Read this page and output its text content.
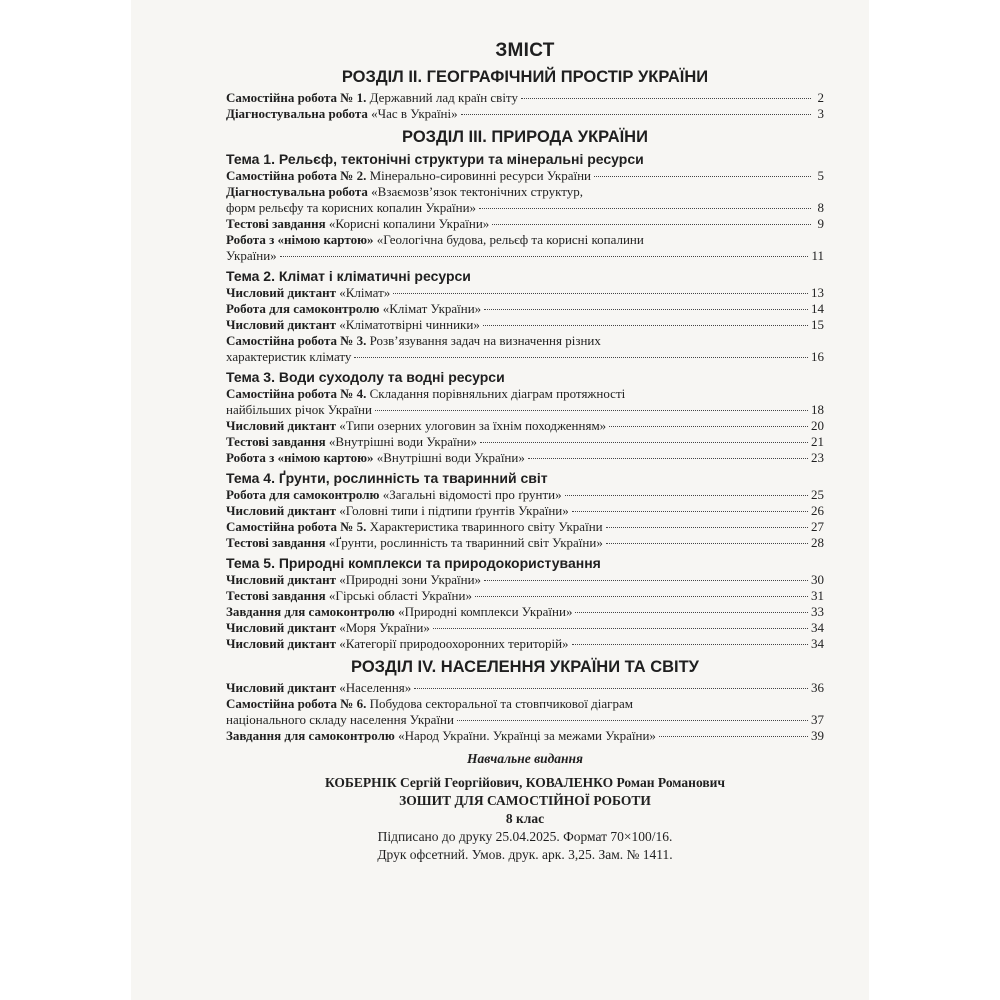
ЗМІСТ
РОЗДІЛ II. ГЕОГРАФІЧНИЙ ПРОСТІР УКРАЇНИ
Самостійна робота № 1. Державний лад країн світу	2
Діагностувальна робота «Час в Україні»	3
РОЗДІЛ III. ПРИРОДА УКРАЇНИ
Тема 1. Рельєф, тектонічні структури та мінеральні ресурси
Самостійна робота № 2. Мінерально-сировинні ресурси України	5
Діагностувальна робота «Взаємозв’язок тектонічних структур,
форм рельєфу та корисних копалин України»	8
Тестові завдання «Корисні копалини України»	9
Робота з «німою картою» «Геологічна будова, рельєф та корисні копалини
України»	11
Тема 2. Клімат і кліматичні ресурси
Числовий диктант «Клімат»	13
Робота для самоконтролю «Клімат України»	14
Числовий диктант «Кліматотвірні чинники»	15
Самостійна робота № 3. Розв’язування задач на визначення різних
характеристик клімату	16
Тема 3. Води суходолу та водні ресурси
Самостійна робота № 4. Складання порівняльних діаграм протяжності
найбільших річок України	18
Числовий диктант «Типи озерних улоговин за їхнім походженням»	20
Тестові завдання «Внутрішні води України»	21
Робота з «німою картою» «Внутрішні води України»	23
Тема 4. Ґрунти, рослинність та тваринний світ
Робота для самоконтролю «Загальні відомості про ґрунти»	25
Числовий диктант «Головні типи і підтипи ґрунтів України»	26
Самостійна робота № 5. Характеристика тваринного світу України	27
Тестові завдання «Ґрунти, рослинність та тваринний світ України»	28
Тема 5. Природні комплекси та природокористування
Числовий диктант «Природні зони України»	30
Тестові завдання «Гірські області України»	31
Завдання для самоконтролю «Природні комплекси України»	33
Числовий диктант «Моря України»	34
Числовий диктант «Категорії природоохоронних територій»	34
РОЗДІЛ IV. НАСЕЛЕННЯ УКРАЇНИ ТА СВІТУ
Числовий диктант «Населення»	36
Самостійна робота № 6. Побудова секторальної та стовпчикової діаграм
національного складу населення України	37
Завдання для самоконтролю «Народ України. Українці за межами України»	39
Навчальне видання
КОБЕРНІК Сергій Георгійович, КОВАЛЕНКО Роман Романович
ЗОШИТ ДЛЯ САМОСТІЙНОЇ РОБОТИ
8 клас
Підписано до друку 25.04.2025. Формат 70×100/16.
Друк офсетний. Умов. друк. арк. 3,25. Зам. № 1411.
